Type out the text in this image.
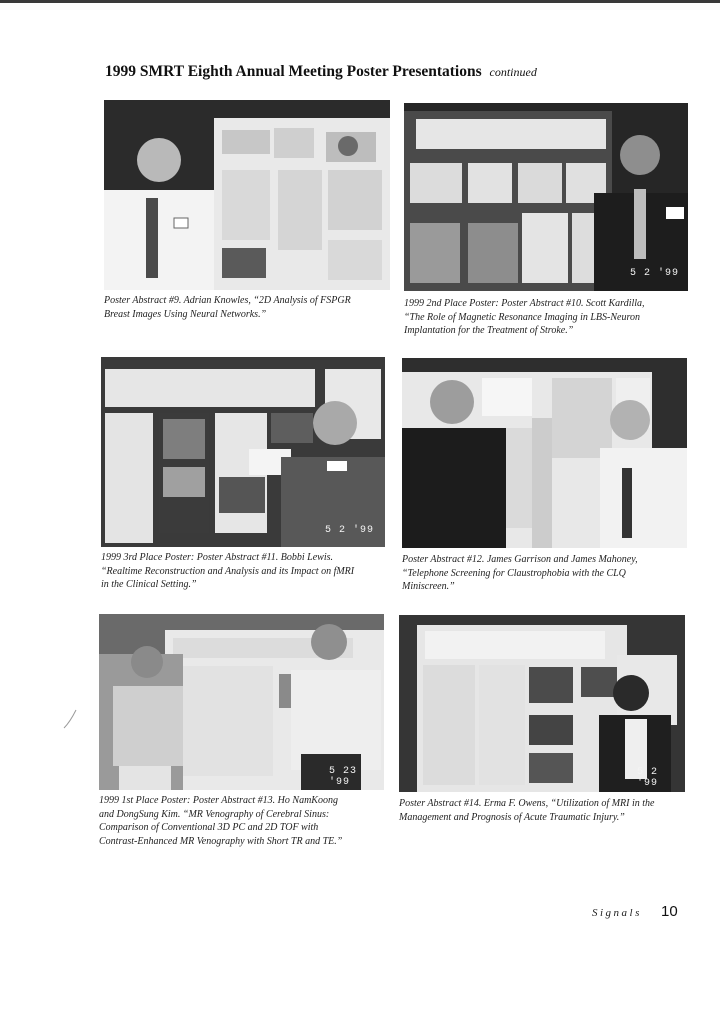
1999 SMRT Eighth Annual Meeting Poster Presentations continued

Poster Abstract #9. Adrian Knowles, “2D Analysis of FSPGR
Breast Images Using Neural Networks.”

5 2 '99

1999 2nd Place Poster: Poster Abstract #10. Scott Kardilla,
“The Role of Magnetic Resonance Imaging in LBS-Neuron
Implantation for the Treatment of Stroke.”

5 2 '99

1999 3rd Place Poster: Poster Abstract #11. Bobbi Lewis.
“Realtime Reconstruction and Analysis and its Impact on fMRI
in the Clinical Setting.”

Poster Abstract #12. James Garrison and James Mahoney,
“Telephone Screening for Claustrophobia with the CLQ
Miniscreen.”

5 23 '99

1999 1st Place Poster: Poster Abstract #13. Ho NamKoong
and DongSung Kim. “MR Venography of Cerebral Sinus:
Comparison of Conventional 3D PC and 2D TOF with
Contrast-Enhanced MR Venography with Short TR and TE.”

5 2 '99

Poster Abstract #14. Erma F. Owens, “Utilization of MRI in the
Management and Prognosis of Acute Traumatic Injury.”

Signals 10
